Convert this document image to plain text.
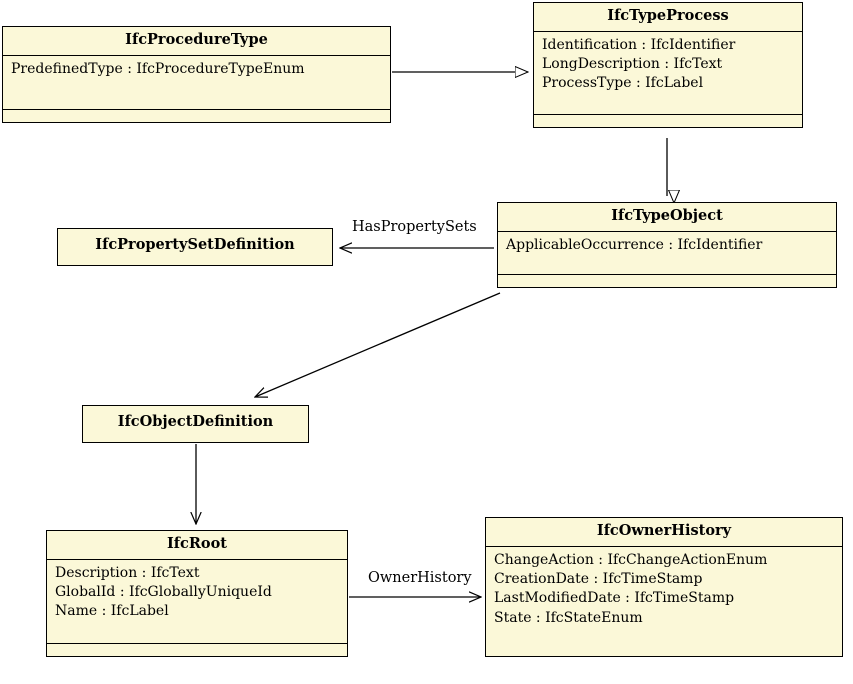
IfcProcedureType
PredefinedType : IfcProcedureTypeEnum
IfcTypeProcess
Identification : IfcIdentifier
LongDescription : IfcText
ProcessType : IfcLabel
IfcTypeObject
ApplicableOccurrence : IfcIdentifier
IfcPropertySetDefinition
IfcObjectDefinition
IfcRoot
Description : IfcText
GlobalId : IfcGloballyUniqueId
Name : IfcLabel
IfcOwnerHistory
ChangeAction : IfcChangeActionEnum
CreationDate : IfcTimeStamp
LastModifiedDate : IfcTimeStamp
State : IfcStateEnum
HasPropertySets
OwnerHistory
